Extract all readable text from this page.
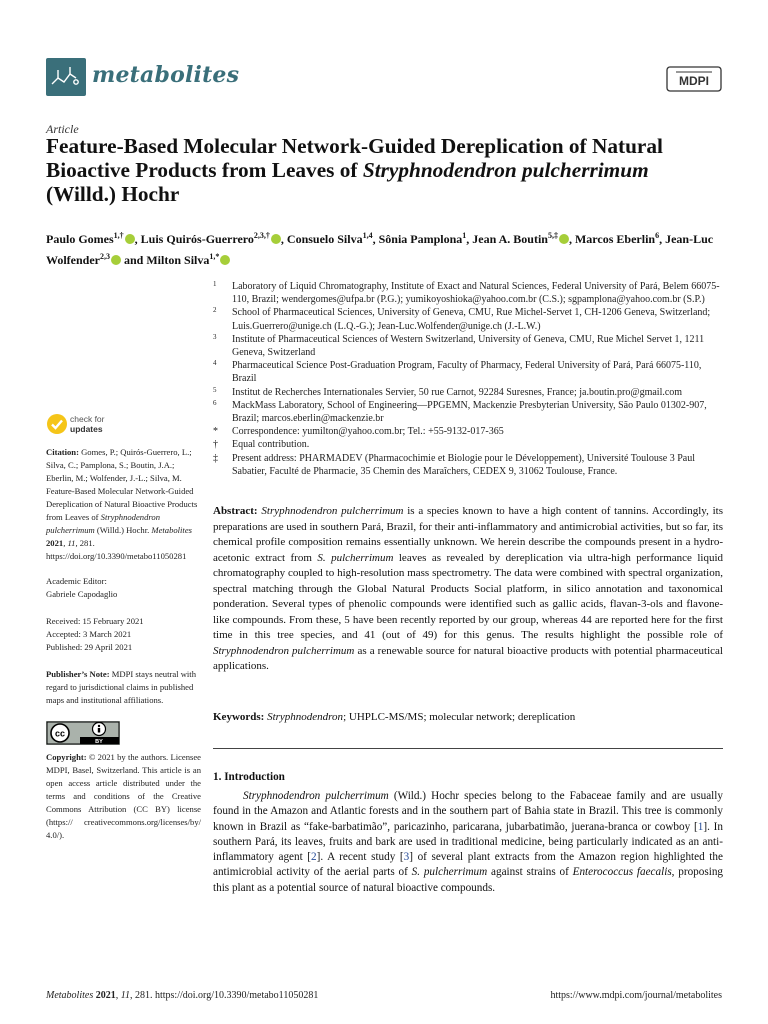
metabolites	MDPI
Article
Feature-Based Molecular Network-Guided Dereplication of Natural Bioactive Products from Leaves of Stryphnodendron pulcherrimum (Willd.) Hochr
Paulo Gomes$^{1,\dagger}$ , Luis Quirós-Guerrero$^{2,3,\dagger}$ , Consuelo Silva$^{1,4}$, Sônia Pamplona$^1$, Jean A. Boutin$^{5,\ddagger}$ , Marcos Eberlin$^6$, Jean-Luc Wolfender$^{2,3}$ and Milton Silva$^{1,*}$
1 Laboratory of Liquid Chromatography, Institute of Exact and Natural Sciences, Federal University of Pará, Belem 66075-110, Brazil; wendergomes@ufpa.br (P.G.); yumikoyoshioka@yahoo.com.br (C.S.); sgpamplona@yahoo.com.br (S.P.)
2 School of Pharmaceutical Sciences, University of Geneva, CMU, Rue Michel-Servet 1, CH-1206 Geneva, Switzerland; Luis.Guerrero@unige.ch (L.Q.-G.); Jean-Luc.Wolfender@unige.ch (J.-L.W.)
3 Institute of Pharmaceutical Sciences of Western Switzerland, University of Geneva, CMU, Rue Michel Servet 1, 1211 Geneva, Switzerland
4 Pharmaceutical Science Post-Graduation Program, Faculty of Pharmacy, Federal University of Pará, Pará 66075-110, Brazil
5 Institut de Recherches Internationales Servier, 50 rue Carnot, 92284 Suresnes, France; ja.boutin.pro@gmail.com
6 MackMass Laboratory, School of Engineering—PPGEMN, Mackenzie Presbyterian University, São Paulo 01302-907, Brazil; marcos.eberlin@mackenzie.br
* Correspondence: yumilton@yahoo.com.br; Tel.: +55-9132-017-365
† Equal contribution.
‡ Present address: PHARMADEV (Pharmacochimie et Biologie pour le Développement), Université Toulouse 3 Paul Sabatier, Faculté de Pharmacie, 35 Chemin des Maraîchers, CEDEX 9, 31062 Toulouse, France.
check for
updates
Citation: Gomes, P.; Quirós-Guerrero, L.; Silva, C.; Pamplona, S.; Boutin, J.A.; Eberlin, M.; Wolfender, J.-L.; Silva, M. Feature-Based Molecular Network-Guided Dereplication of Natural Bioactive Products from Leaves of Stryphnodendron pulcherrimum (Willd.) Hochr. Metabolites 2021, 11, 281. https://doi.org/10.3390/metabo11050281
Academic Editor:
Gabriele Capodaglio
Received: 15 February 2021
Accepted: 3 March 2021
Published: 29 April 2021
Publisher’s Note: MDPI stays neutral with regard to jurisdictional claims in published maps and institutional affiliations.
cc
BY
Copyright: © 2021 by the authors. Licensee MDPI, Basel, Switzerland. This article is an open access article distributed under the terms and conditions of the Creative Commons Attribution (CC BY) license (https:// creativecommons.org/licenses/by/ 4.0/).
Abstract: Stryphnodendron pulcherrimum is a species known to have a high content of tannins. Accordingly, its preparations are used in southern Pará, Brazil, for their anti-inflammatory and antimicrobial activities, but so far, its chemical profile composition remains essentially unknown. We herein describe the compounds present in a hydro-acetonic extract from S. pulcherrimum leaves as revealed by dereplication via ultra-high performance liquid chromatography coupled to high-resolution mass spectrometry. The data were combined with spectral organization, spectral matching through the Global Natural Products Social platform, in silico annotation and taxonomical ponderation. Several types of phenolic compounds were identified such as gallic acids, flavan-3-ols and flavone-like compounds. From these, 5 have been recently reported by our group, whereas 44 are reported here for the first time in this tree species, and 41 (out of 49) for this genus. The results highlight the possible role of Stryphnodendron pulcherrimum as a renewable source for natural bioactive products with potential pharmaceutical applications.
Keywords: Stryphnodendron; UHPLC-MS/MS; molecular network; dereplication
1. Introduction
Stryphnodendron pulcherrimum (Wild.) Hochr species belong to the Fabaceae family and are usually found in the Amazon and Atlantic forests and in the southern part of Bahia state in Brazil. This tree is commonly known in Brazil as “fake-barbatimão”, paricazinho, paricarana, jubarbatimão, juerana-branca or cowboy [1]. In southern Pará, its leaves, fruits and bark are used in traditional medicine, being particularly indicated as an anti-inflammatory agent [2]. A recent study [3] of several plant extracts from the Amazon region highlighted the antimicrobial activity of the aerial parts of S. pulcherrimum against strains of Enterococcus faecalis, proposing this plant as a potential source of natural bioactive compounds.
Metabolites 2021, 11, 281. https://doi.org/10.3390/metabo11050281	https://www.mdpi.com/journal/metabolites
